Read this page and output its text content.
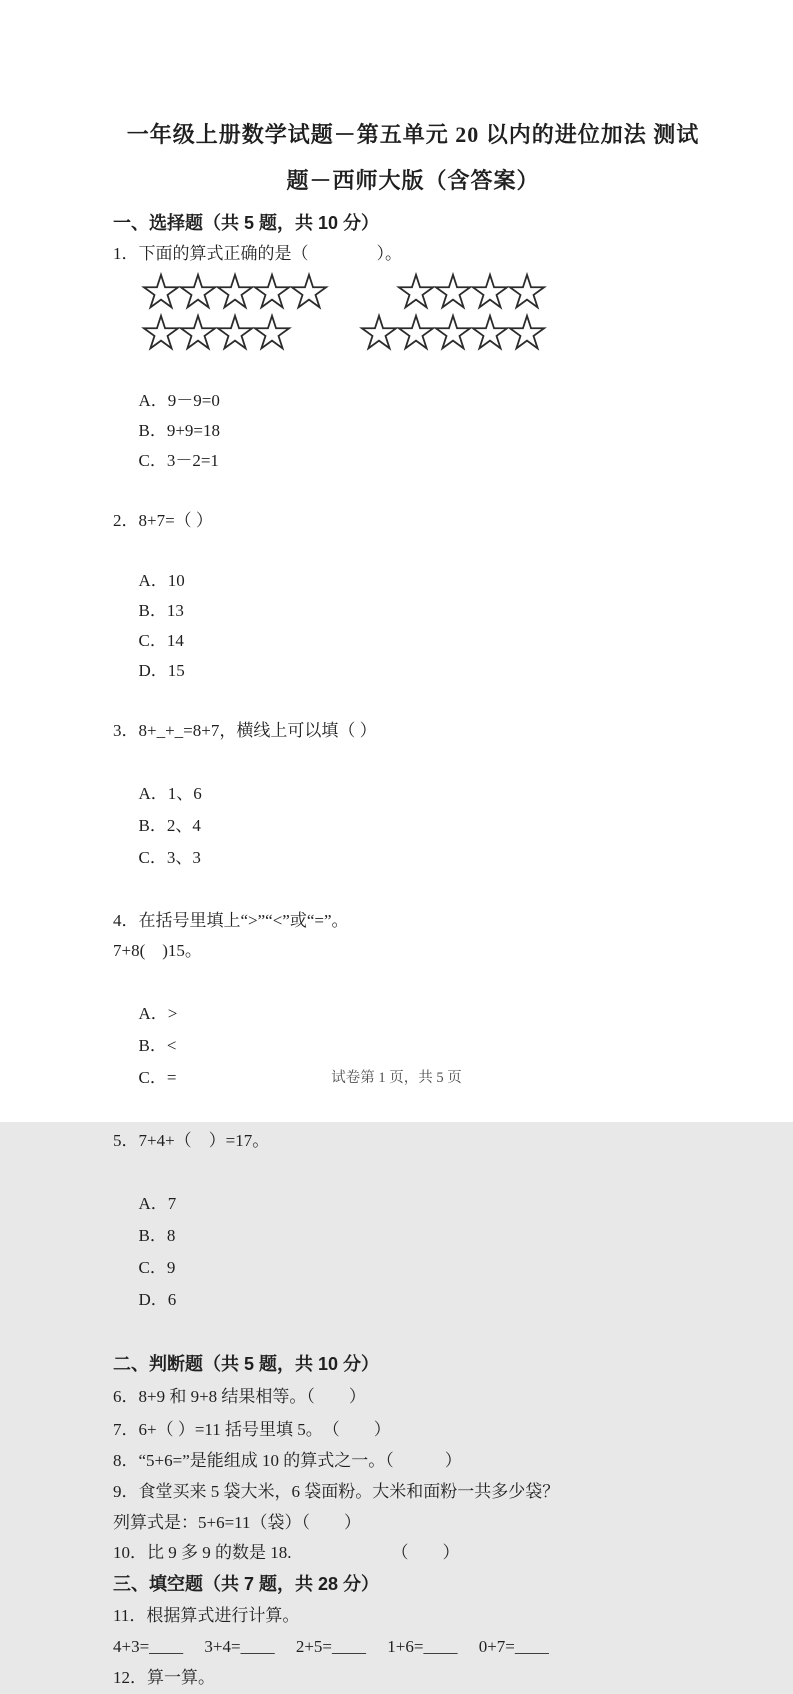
一年级上册数学试题－第五单元 20 以内的进位加法 测试
题－西师大版（含答案）
一、选择题（共 5 题，共 10 分）
1．下面的算式正确的是（　　　　）。

A．9－9=0
B．9+9=18
C．3－2=1

2．8+7=（ ）

A．10
B．13
C．14
D．15

3．8+_+_=8+7，横线上可以填（ ）

A．1、6
B．2、4
C．3、3

4．在括号里填上“>”“<”或“=”。
7+8(　)15。

A．>
B．<
C．=

5．7+4+（　）=17。

A．7
B．8
C．9
D．6

二、判断题（共 5 题，共 10 分）
6．8+9 和 9+8 结果相等。（　　）
7．6+（ ）=11 括号里填 5。　（　　）
8．“5+6=”是能组成 10 的算式之一。（　　　）
9．食堂买来 5 袋大米，6 袋面粉。大米和面粉一共多少袋？
列算式是：5+6=11（袋）（　　）
10．比 9 多 9 的数是 18.	（　　）
三、填空题（共 7 题，共 28 分）
11．根据算式进行计算。
4+3=____　 3+4=____　 2+5=____　 1+6=____　 0+7=____
12．算一算。
试卷第 1 页，共 5 页
